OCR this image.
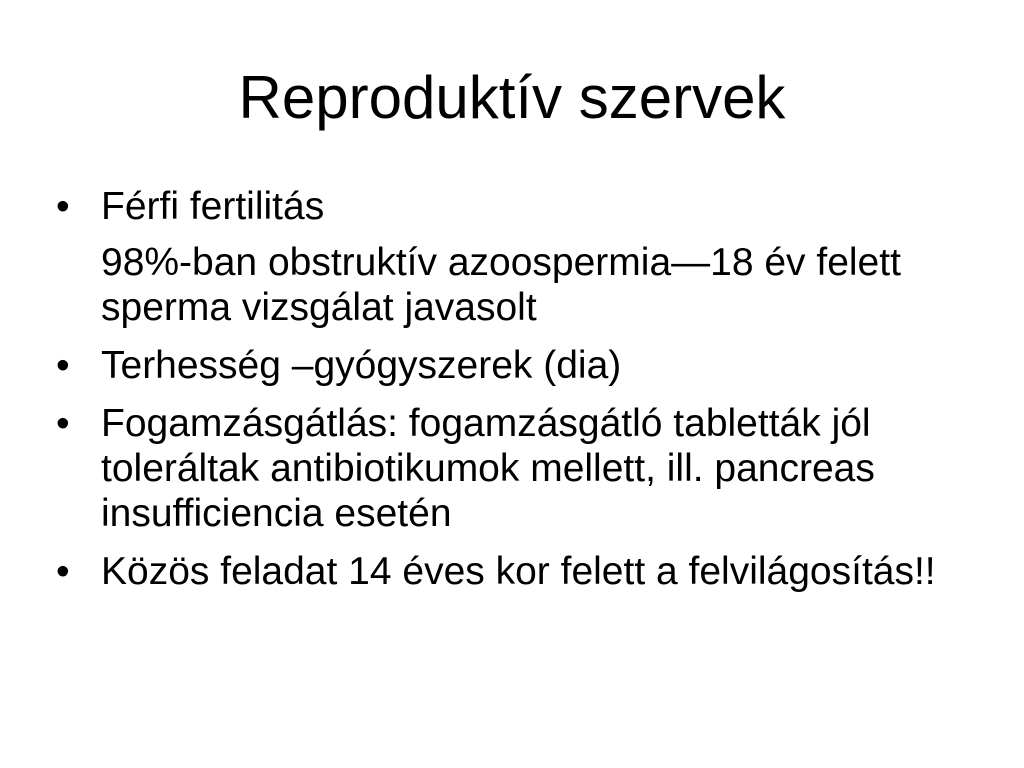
Reproduktív szervek
• Férfi fertilitás
98%-ban obstruktív azoospermia—18 év felett sperma vizsgálat javasolt
• Terhesség –gyógyszerek (dia)
• Fogamzásgátlás: fogamzásgátló tabletták jól toleráltak antibiotikumok mellett, ill. pancreas insufficiencia esetén
• Közös feladat 14 éves kor felett a felvilágosítás!!
